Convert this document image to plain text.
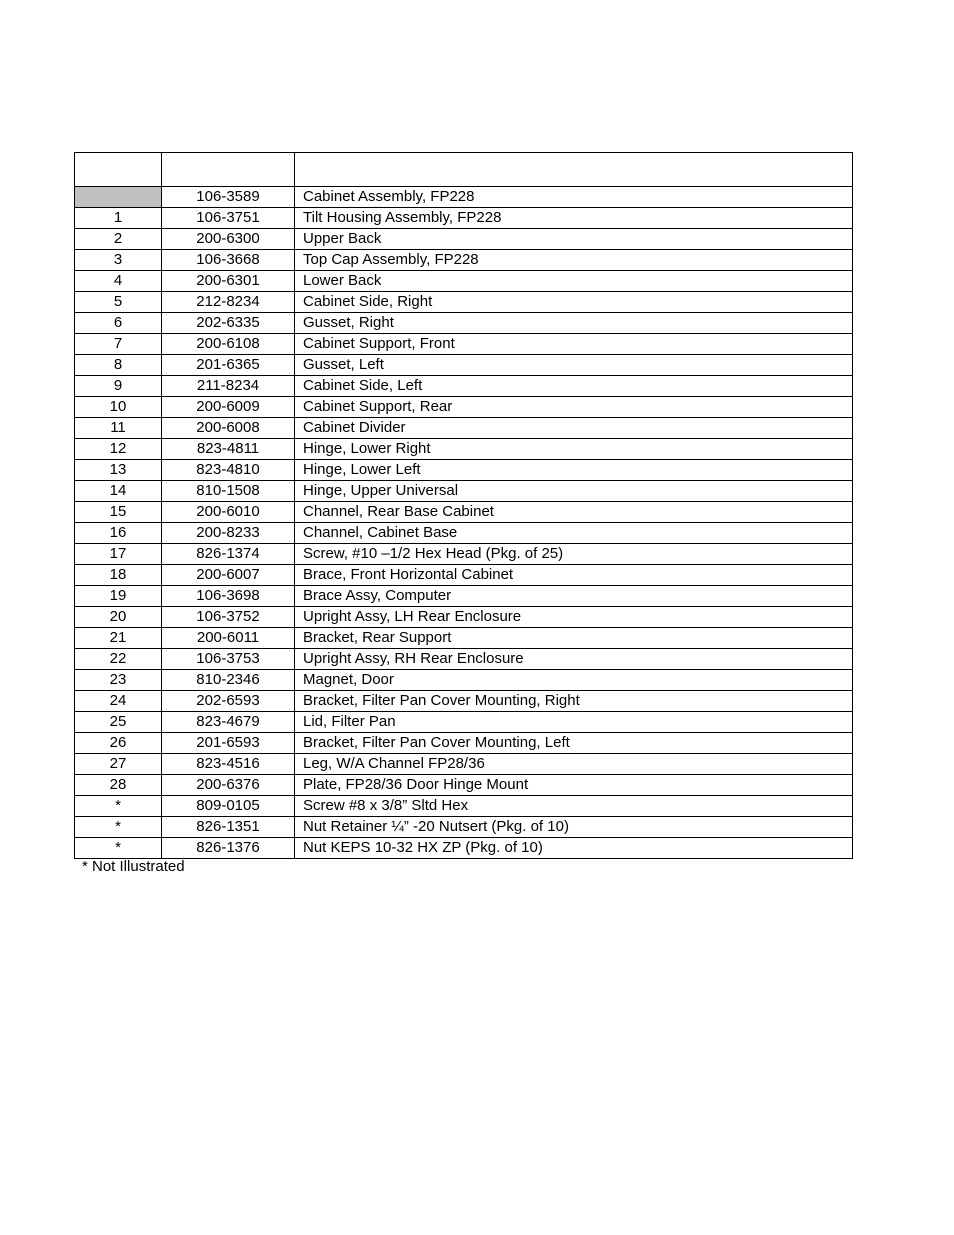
	106-3589	Cabinet Assembly, FP228
1	106-3751	Tilt Housing Assembly, FP228
2	200-6300	Upper Back
3	106-3668	Top Cap Assembly, FP228
4	200-6301	Lower Back
5	212-8234	Cabinet Side, Right
6	202-6335	Gusset, Right
7	200-6108	Cabinet Support, Front
8	201-6365	Gusset, Left
9	211-8234	Cabinet Side, Left
10	200-6009	Cabinet Support, Rear
11	200-6008	Cabinet Divider
12	823-4811	Hinge, Lower Right
13	823-4810	Hinge, Lower Left
14	810-1508	Hinge, Upper Universal
15	200-6010	Channel, Rear Base Cabinet
16	200-8233	Channel, Cabinet Base
17	826-1374	Screw, #10 –1/2 Hex Head (Pkg. of 25)
18	200-6007	Brace, Front Horizontal Cabinet
19	106-3698	Brace Assy, Computer
20	106-3752	Upright Assy, LH Rear Enclosure
21	200-6011	Bracket, Rear Support
22	106-3753	Upright Assy, RH Rear Enclosure
23	810-2346	Magnet, Door
24	202-6593	Bracket, Filter Pan Cover Mounting, Right
25	823-4679	Lid, Filter Pan
26	201-6593	Bracket, Filter Pan Cover Mounting, Left
27	823-4516	Leg, W/A Channel FP28/36
28	200-6376	Plate, FP28/36 Door Hinge Mount
*	809-0105	Screw #8 x 3/8” Sltd Hex
*	826-1351	Nut Retainer ¼” -20 Nutsert (Pkg. of 10)
*	826-1376	Nut KEPS 10-32 HX ZP (Pkg. of 10)
* Not Illustrated
